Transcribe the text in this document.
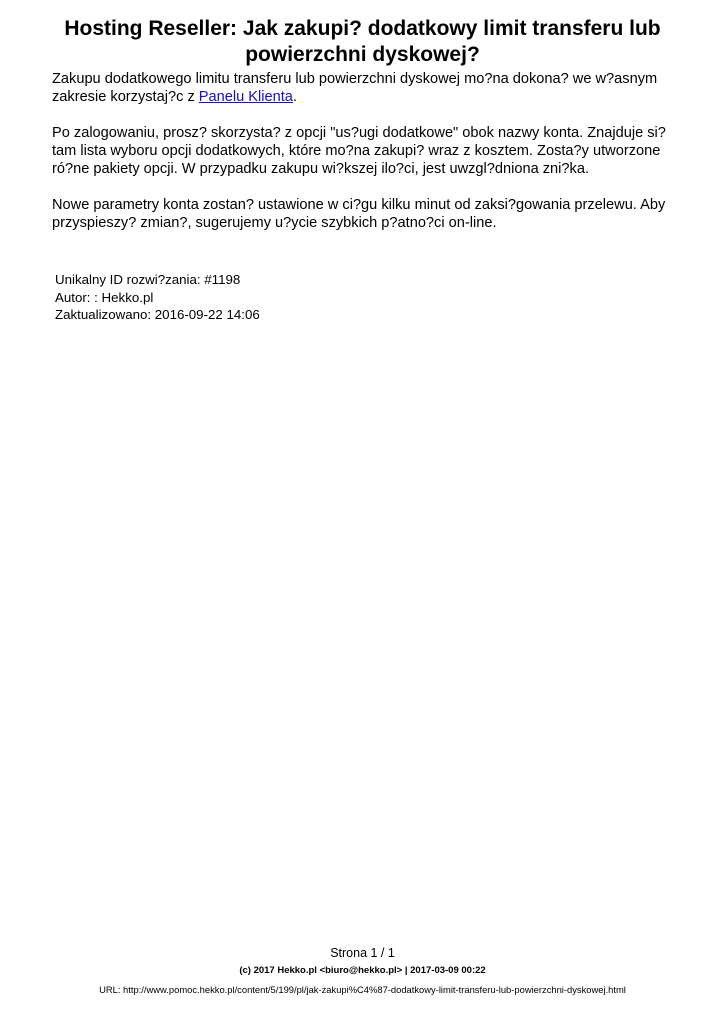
Hosting Reseller: Jak zakupi? dodatkowy limit transferu lub powierzchni dyskowej?

Zakupu dodatkowego limitu transferu lub powierzchni dyskowej mo?na dokona? we w?asnym zakresie korzystaj?c z Panelu Klienta.

Po zalogowaniu, prosz? skorzysta? z opcji "us?ugi dodatkowe" obok nazwy konta. Znajduje si? tam lista wyboru opcji dodatkowych, które mo?na zakupi? wraz z kosztem. Zosta?y utworzone ró?ne pakiety opcji. W przypadku zakupu wi?kszej ilo?ci, jest uwzgl?dniona zni?ka.

Nowe parametry konta zostan? ustawione w ci?gu kilku minut od zaksi?gowania przelewu. Aby przyspieszy? zmian?, sugerujemy u?ycie szybkich p?atno?ci on-line.

Unikalny ID rozwi?zania: #1198
Autor: : Hekko.pl
Zaktualizowano: 2016-09-22 14:06
Strona 1 / 1
(c) 2017 Hekko.pl <biuro@hekko.pl> | 2017-03-09 00:22
URL: http://www.pomoc.hekko.pl/content/5/199/pl/jak-zakupi%C4%87-dodatkowy-limit-transferu-lub-powierzchni-dyskowej.html
